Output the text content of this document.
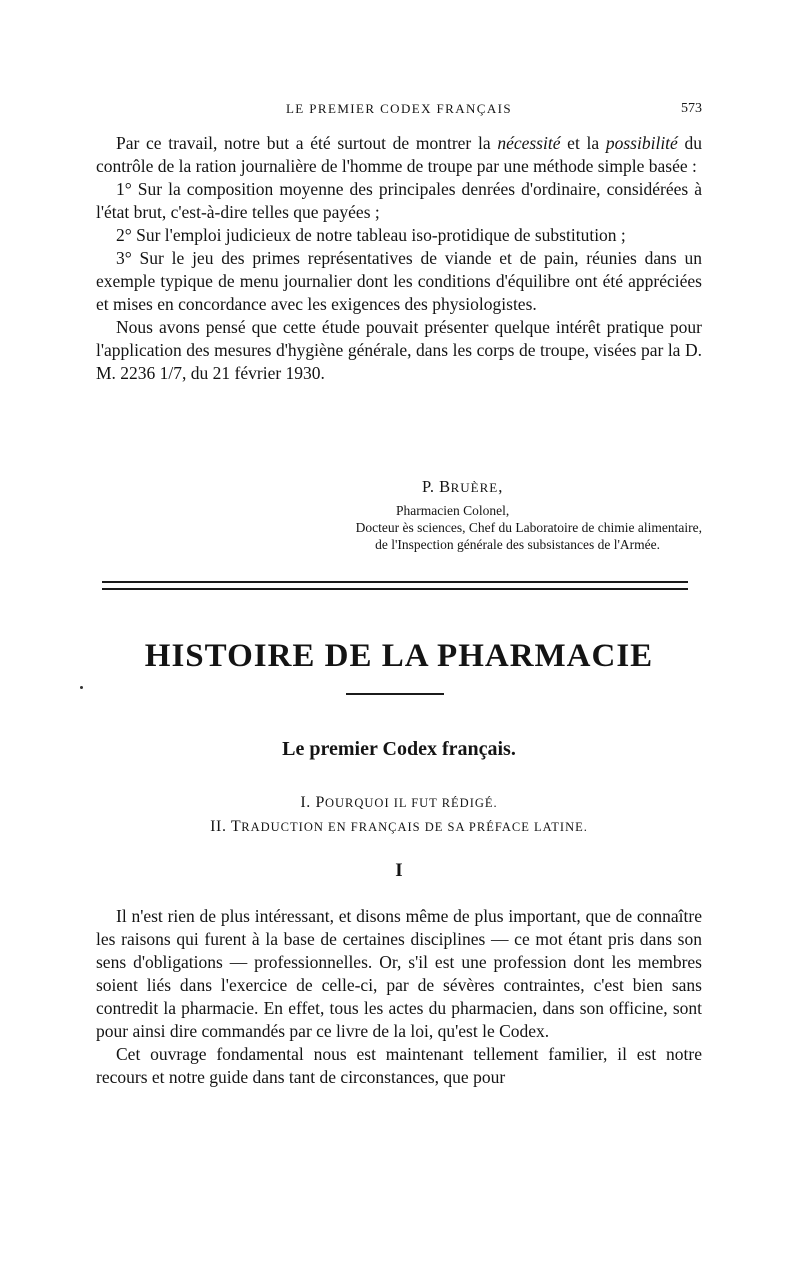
LE PREMIER CODEX FRANÇAIS	573

Par ce travail, notre but a été surtout de montrer la nécessité et la possibilité du contrôle de la ration journalière de l'homme de troupe par une méthode simple basée :

1° Sur la composition moyenne des principales denrées d'ordinaire, considérées à l'état brut, c'est-à-dire telles que payées ;

2° Sur l'emploi judicieux de notre tableau iso-protidique de substitution ;

3° Sur le jeu des primes représentatives de viande et de pain, réunies dans un exemple typique de menu journalier dont les conditions d'équilibre ont été appréciées et mises en concordance avec les exigences des physiologistes.

Nous avons pensé que cette étude pouvait présenter quelque intérêt pratique pour l'application des mesures d'hygiène générale, dans les corps de troupe, visées par la D. M. 2236 1/7, du 21 février 1930.

P. BRUÈRE,

Pharmacien Colonel,

Docteur ès sciences, Chef du Laboratoire de chimie alimentaire,

de l'Inspection générale des subsistances de l'Armée.

HISTOIRE DE LA PHARMACIE
Le premier Codex français.

I. POURQUOI IL FUT RÉDIGÉ.

II. TRADUCTION EN FRANÇAIS DE SA PRÉFACE LATINE.

I

Il n'est rien de plus intéressant, et disons même de plus important, que de connaître les raisons qui furent à la base de certaines disciplines — ce mot étant pris dans son sens d'obligations — professionnelles. Or, s'il est une profession dont les membres soient liés dans l'exercice de celle-ci, par de sévères contraintes, c'est bien sans contredit la pharmacie. En effet, tous les actes du pharmacien, dans son officine, sont pour ainsi dire commandés par ce livre de la loi, qu'est le Codex.

Cet ouvrage fondamental nous est maintenant tellement familier, il est notre recours et notre guide dans tant de circonstances, que pour
